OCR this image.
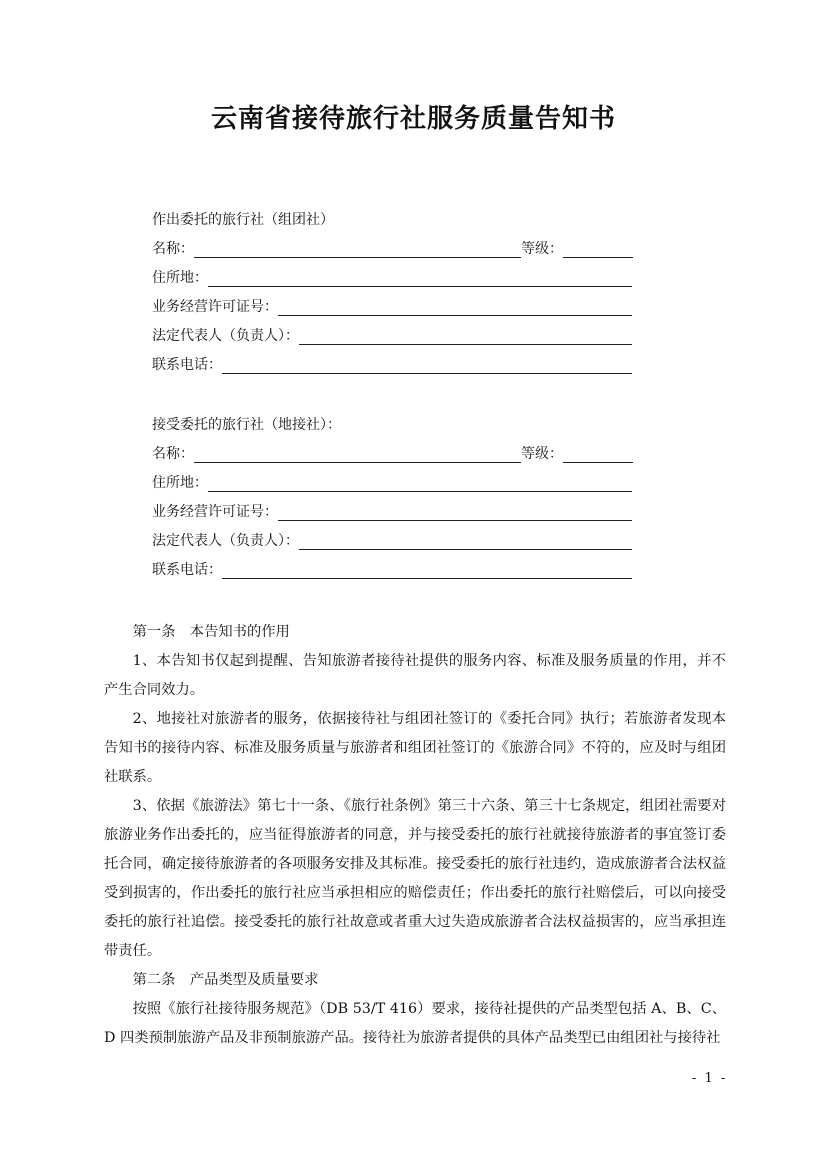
云南省接待旅行社服务质量告知书
作出委托的旅行社（组团社）
名称：	等级：
住所地：
业务经营许可证号：
法定代表人（负责人）：
联系电话：
接受委托的旅行社（地接社）：
名称：	等级：
住所地：
业务经营许可证号：
法定代表人（负责人）：
联系电话：

第一条　本告知书的作用

1、本告知书仅起到提醒、告知旅游者接待社提供的服务内容、标准及服务质量的作用，并不产生合同效力。

2、地接社对旅游者的服务，依据接待社与组团社签订的《委托合同》执行；若旅游者发现本告知书的接待内容、标准及服务质量与旅游者和组团社签订的《旅游合同》不符的，应及时与组团社联系。

3、依据《旅游法》第七十一条、《旅行社条例》第三十六条、第三十七条规定，组团社需要对旅游业务作出委托的，应当征得旅游者的同意，并与接受委托的旅行社就接待旅游者的事宜签订委托合同，确定接待旅游者的各项服务安排及其标准。接受委托的旅行社违约，造成旅游者合法权益受到损害的，作出委托的旅行社应当承担相应的赔偿责任；作出委托的旅行社赔偿后，可以向接受委托的旅行社追偿。接受委托的旅行社故意或者重大过失造成旅游者合法权益损害的，应当承担连带责任。

第二条　产品类型及质量要求

按照《旅行社接待服务规范》（DB 53/T 416）要求，接待社提供的产品类型包括 A、B、C、D 四类预制旅游产品及非预制旅游产品。接待社为旅游者提供的具体产品类型已由组团社与接待社

- 1 -
